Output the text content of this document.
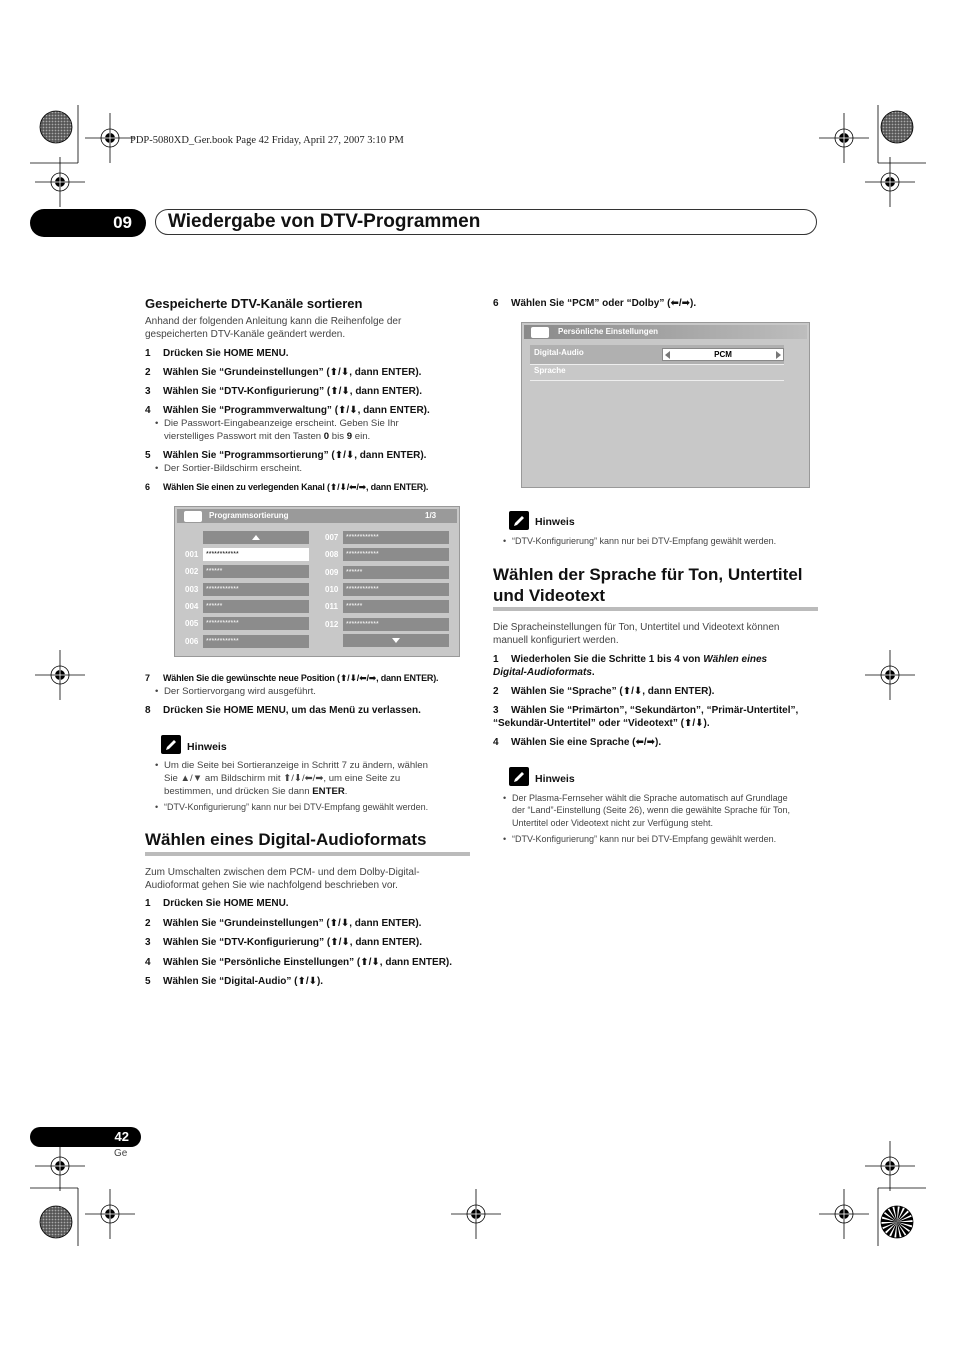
PDP-5080XD_Ger.book Page 42 Friday, April 27, 2007 3:10 PM
09	Wiedergabe von DTV-Programmen
Gespeicherte DTV-Kanäle sortieren
Anhand der folgenden Anleitung kann die Reihenfolge der
gespeicherten DTV-Kanäle geändert werden.
1 Drücken Sie HOME MENU.
2 Wählen Sie “Grundeinstellungen” (⬆/⬇, dann ENTER).
3 Wählen Sie “DTV-Konfigurierung” (⬆/⬇, dann ENTER).
4 Wählen Sie “Programmverwaltung” (⬆/⬇, dann ENTER).
• Die Passwort-Eingabeanzeige erscheint. Geben Sie Ihr
vierstelliges Passwort mit den Tasten 0 bis 9 ein.
5 Wählen Sie “Programmsortierung” (⬆/⬇, dann ENTER).
• Der Sortier-Bildschirm erscheint.
6 Wählen Sie einen zu verlegenden Kanal (⬆/⬇/⬅/➡, dann ENTER).
Programmsortierung	1/3
001	************
002	******
003	************
004	******
005	************
006	************
007	************
008	************
009	******
010	************
011	******
012	************
7 Wählen Sie die gewünschte neue Position (⬆/⬇/⬅/➡, dann ENTER).
• Der Sortiervorgang wird ausgeführt.
8 Drücken Sie HOME MENU, um das Menü zu verlassen.
Hinweis
• Um die Seite bei Sortieranzeige in Schritt 7 zu ändern, wählen
Sie ▲/▼ am Bildschirm mit ⬆/⬇/⬅/➡, um eine Seite zu
bestimmen, und drücken Sie dann ENTER.
• “DTV-Konfigurierung” kann nur bei DTV-Empfang gewählt werden.
Wählen eines Digital-Audioformats
Zum Umschalten zwischen dem PCM- und dem Dolby-Digital-
Audioformat gehen Sie wie nachfolgend beschrieben vor.
1 Drücken Sie HOME MENU.
2 Wählen Sie “Grundeinstellungen” (⬆/⬇, dann ENTER).
3 Wählen Sie “DTV-Konfigurierung” (⬆/⬇, dann ENTER).
4 Wählen Sie “Persönliche Einstellungen” (⬆/⬇, dann ENTER).
5 Wählen Sie “Digital-Audio” (⬆/⬇).
6 Wählen Sie “PCM” oder “Dolby” (⬅/➡).
Persönliche Einstellungen
Digital-Audio	PCM
Sprache
Hinweis
• “DTV-Konfigurierung” kann nur bei DTV-Empfang gewählt werden.
Wählen der Sprache für Ton, Untertitel
und Videotext
Die Spracheinstellungen für Ton, Untertitel und Videotext können
manuell konfiguriert werden.
1 Wiederholen Sie die Schritte 1 bis 4 von Wählen eines
Digital-Audioformats.
2 Wählen Sie “Sprache” (⬆/⬇, dann ENTER).
3 Wählen Sie “Primärton”, “Sekundärton”, “Primär-Untertitel”,
“Sekundär-Untertitel” oder “Videotext” (⬆/⬇).
4 Wählen Sie eine Sprache (⬅/➡).
Hinweis
• Der Plasma-Fernseher wählt die Sprache automatisch auf Grundlage
der “Land”-Einstellung (Seite 26), wenn die gewählte Sprache für Ton,
Untertitel oder Videotext nicht zur Verfügung steht.
• “DTV-Konfigurierung” kann nur bei DTV-Empfang gewählt werden.
42
Ge
